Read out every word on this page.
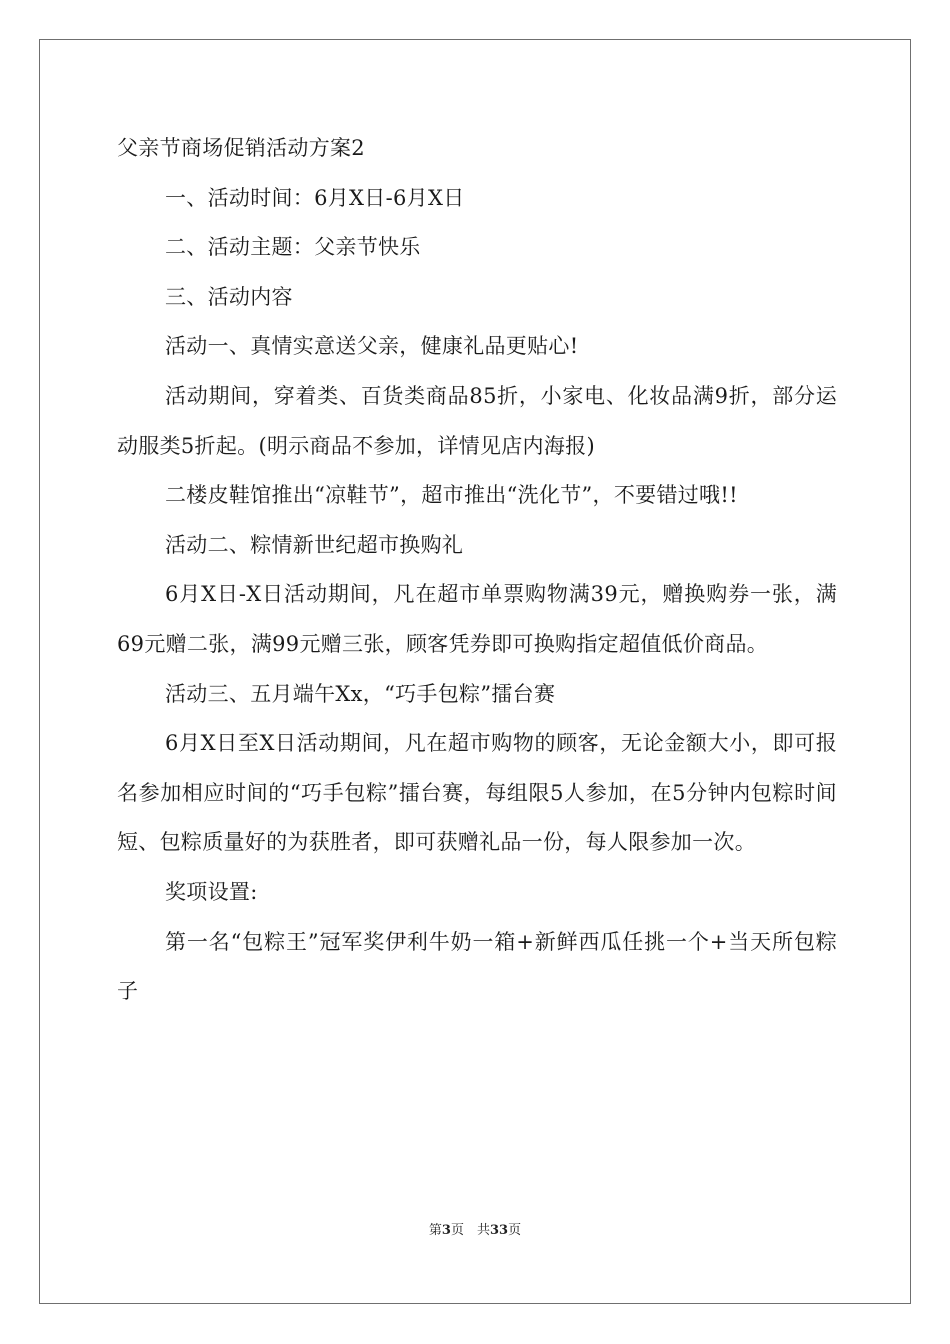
父亲节商场促销活动方案2

一、活动时间：6月X日-6月X日

二、活动主题：父亲节快乐

三、活动内容

活动一、真情实意送父亲，健康礼品更贴心!

活动期间，穿着类、百货类商品85折，小家电、化妆品满9折，部分运动服类5折起。(明示商品不参加，详情见店内海报)

二楼皮鞋馆推出“凉鞋节”，超市推出“洗化节”，不要错过哦!!

活动二、粽情新世纪超市换购礼

6月X日-X日活动期间，凡在超市单票购物满39元，赠换购券一张，满69元赠二张，满99元赠三张，顾客凭券即可换购指定超值低价商品。

活动三、五月端午Xx，“巧手包粽”擂台赛

6月X日至X日活动期间，凡在超市购物的顾客，无论金额大小，即可报名参加相应时间的“巧手包粽”擂台赛，每组限5人参加，在5分钟内包粽时间短、包粽质量好的为获胜者，即可获赠礼品一份，每人限参加一次。

奖项设置:

第一名“包粽王”冠军奖伊利牛奶一箱+新鲜西瓜任挑一个+当天所包粽子

第3页　共33页
